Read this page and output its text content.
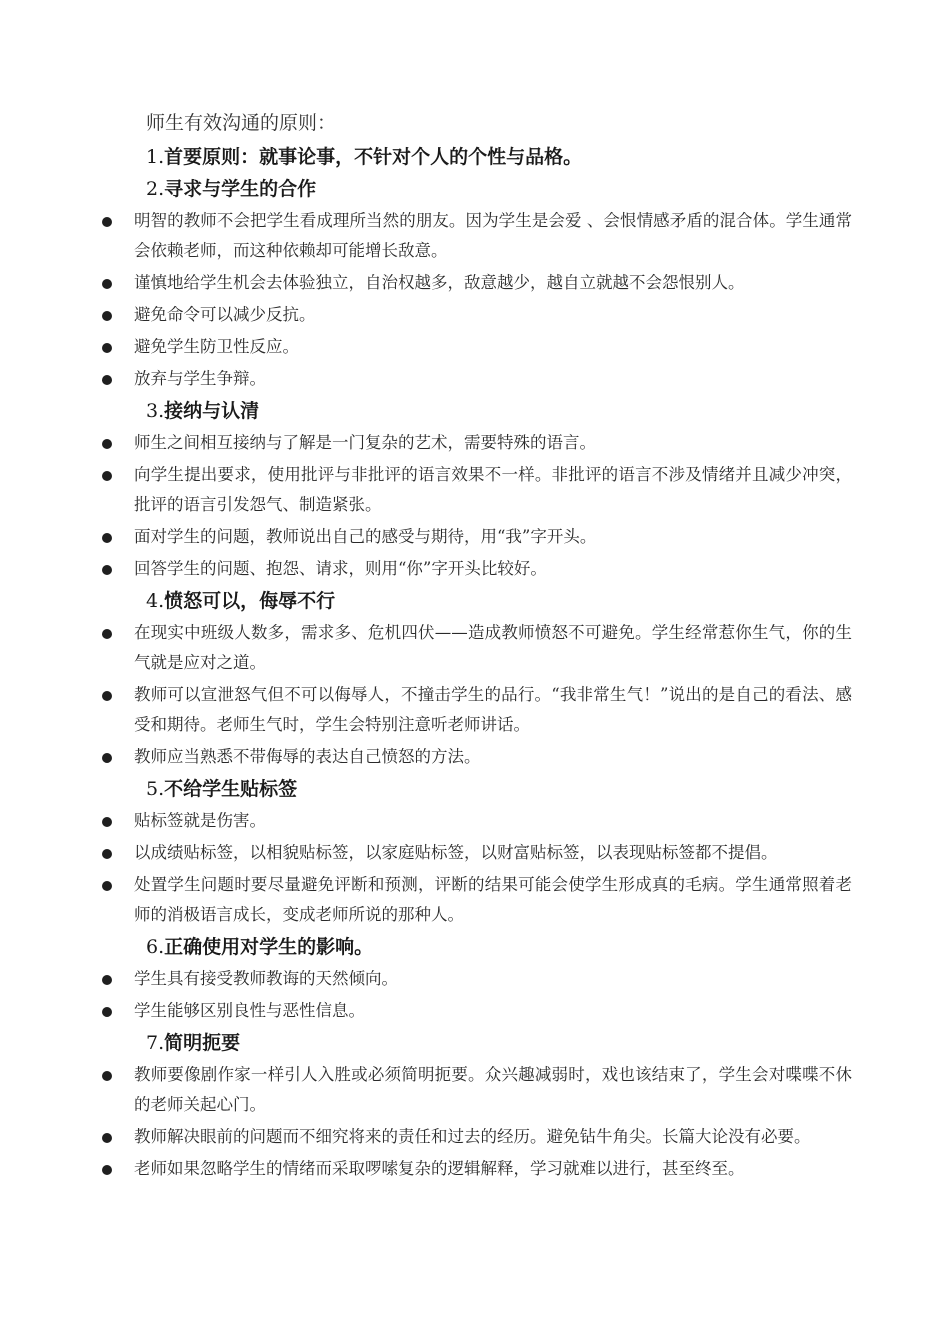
师生有效沟通的原则：

1.首要原则：就事论事，不针对个人的个性与品格。

2.寻求与学生的合作

明智的教师不会把学生看成理所当然的朋友。因为学生是会爱 、会恨情感矛盾的混合体。学生通常会依赖老师，而这种依赖却可能增长敌意。

谨慎地给学生机会去体验独立，自治权越多，敌意越少，越自立就越不会怨恨别人。

避免命令可以减少反抗。

避免学生防卫性反应。

放弃与学生争辩。

3.接纳与认清

师生之间相互接纳与了解是一门复杂的艺术，需要特殊的语言。

向学生提出要求，使用批评与非批评的语言效果不一样。非批评的语言不涉及情绪并且减少冲突，批评的语言引发怨气、制造紧张。

面对学生的问题，教师说出自己的感受与期待，用“我”字开头。

回答学生的问题、抱怨、请求，则用“你”字开头比较好。

4.愤怒可以，侮辱不行

在现实中班级人数多，需求多、危机四伏——造成教师愤怒不可避免。学生经常惹你生气，你的生气就是应对之道。

教师可以宣泄怒气但不可以侮辱人，不撞击学生的品行。“我非常生气！”说出的是自己的看法、感受和期待。老师生气时，学生会特别注意听老师讲话。

教师应当熟悉不带侮辱的表达自己愤怒的方法。

5.不给学生贴标签

贴标签就是伤害。

以成绩贴标签，以相貌贴标签，以家庭贴标签，以财富贴标签，以表现贴标签都不提倡。

处置学生问题时要尽量避免评断和预测，评断的结果可能会使学生形成真的毛病。学生通常照着老师的消极语言成长，变成老师所说的那种人。

6.正确使用对学生的影响。

学生具有接受教师教诲的天然倾向。

学生能够区别良性与恶性信息。

7.简明扼要

教师要像剧作家一样引人入胜或必须简明扼要。众兴趣减弱时，戏也该结束了，学生会对喋喋不休的老师关起心门。

教师解决眼前的问题而不细究将来的责任和过去的经历。避免钻牛角尖。长篇大论没有必要。

老师如果忽略学生的情绪而采取啰嗦复杂的逻辑解释，学习就难以进行，甚至终至。
